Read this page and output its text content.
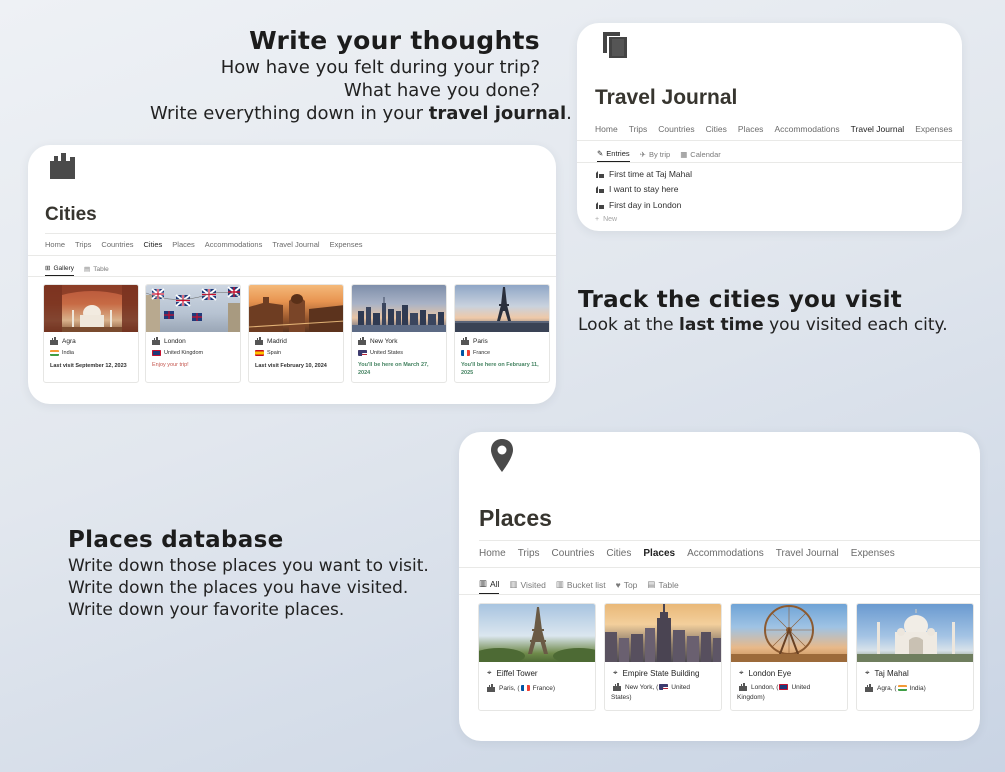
Write your thoughts
How have you felt during your trip?
What have you done?
Write everything down in your travel journal.
Travel Journal
Home Trips Countries Cities Places Accommodations Travel Journal Expenses
✎ Entries ✈ By trip ▦ Calendar
First time at Taj Mahal
I want to stay here
First day in London
+ New
Cities
Home Trips Countries Cities Places Accommodations Travel Journal Expenses
⊞ Gallery ▤ Table
Agra
India
Last visit September 12, 2023
London
United Kingdom
Enjoy your trip!
Madrid
Spain
Last visit February 10, 2024
New York
United States
You'll be here on March 27, 2024
Paris
France
You'll be here on February 11, 2025
Track the cities you visit
Look at the last time you visited each city.
Places database
Write down those places you want to visit.
Write down the places you have visited.
Write down your favorite places.
Places
Home Trips Countries Cities Places Accommodations Travel Journal Expenses
▥ All ▥ Visited ▥ Bucket list ♥ Top ▤ Table
⌖ Eiffel Tower
Paris, ( France)
⌖ Empire State Building
New York, ( United
States)
⌖ London Eye
London, ( United
Kingdom)
⌖ Taj Mahal
Agra, ( India)
